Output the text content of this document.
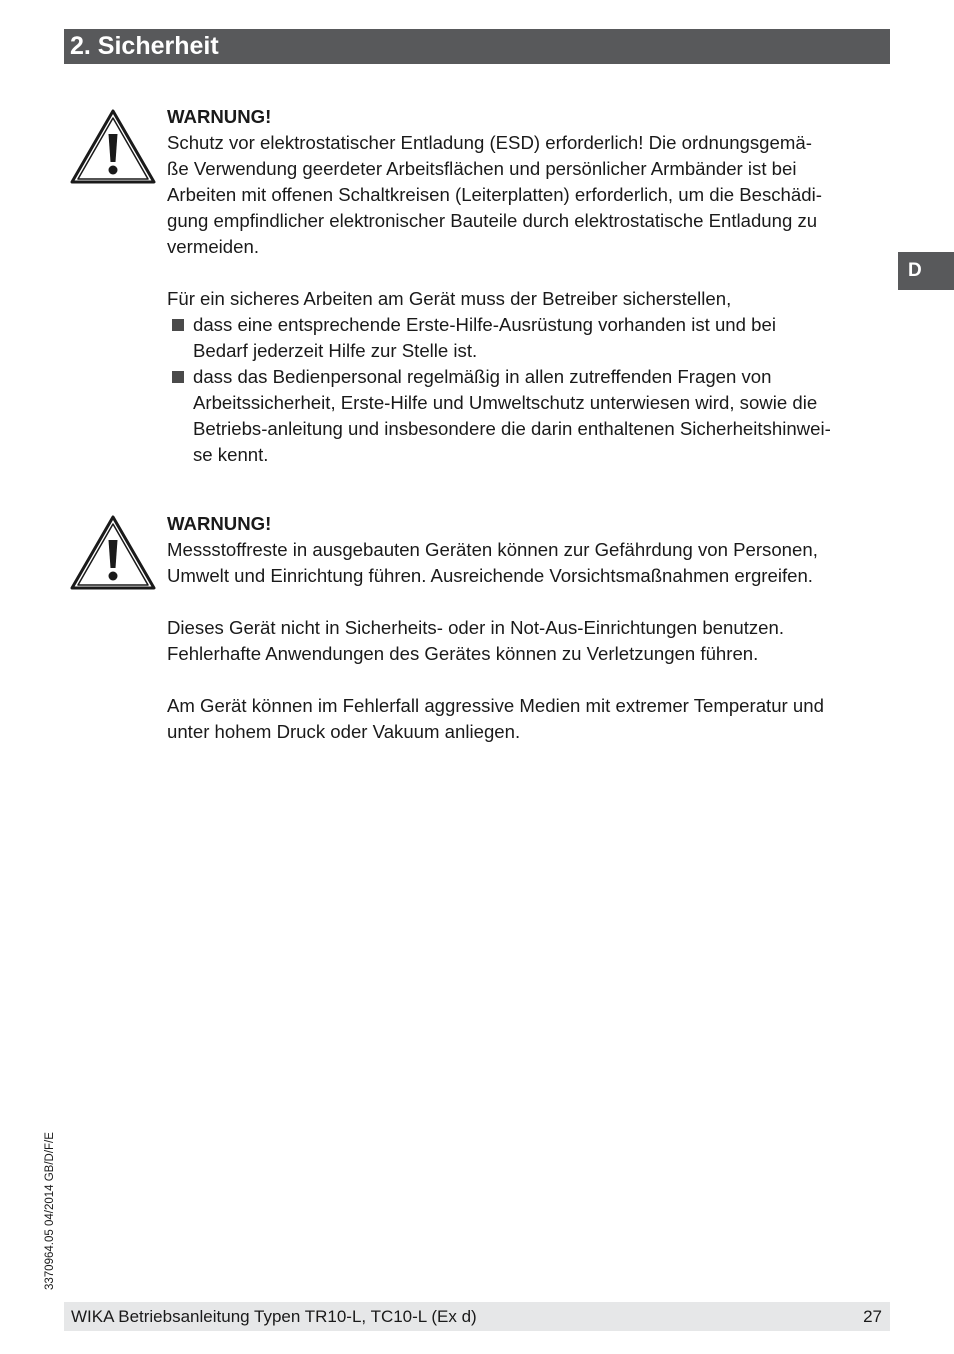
2. Sicherheit
D

WARNUNG!

Schutz vor elektrostatischer Entladung (ESD) erforderlich! Die ordnungsgemä-

ße Verwendung geerdeter Arbeitsflächen und persönlicher Armbänder ist bei

Arbeiten mit offenen Schaltkreisen (Leiterplatten) erforderlich, um die Beschädi-

gung empfindlicher elektronischer Bauteile durch elektrostatische Entladung zu

vermeiden.

Für ein sicheres Arbeiten am Gerät muss der Betreiber sicherstellen,

dass eine entsprechende Erste-Hilfe-Ausrüstung vorhanden ist und bei

Bedarf jederzeit Hilfe zur Stelle ist.

dass das Bedienpersonal regelmäßig in allen zutreffenden Fragen von

Arbeitssicherheit, Erste-Hilfe und Umweltschutz unterwiesen wird, sowie die

Betriebs-anleitung und insbesondere die darin enthaltenen Sicherheitshinwei-

se kennt.

WARNUNG!

Messstoffreste in ausgebauten Geräten können zur Gefährdung von Personen,

Umwelt und Einrichtung führen. Ausreichende Vorsichtsmaßnahmen ergreifen.

Dieses Gerät nicht in Sicherheits- oder in Not-Aus-Einrichtungen benutzen.

Fehlerhafte Anwendungen des Gerätes können zu Verletzungen führen.

Am Gerät können im Fehlerfall aggressive Medien mit extremer Temperatur und

unter hohem Druck oder Vakuum anliegen.

3370964.05 04/2014 GB/D/F/E
WIKA Betriebsanleitung Typen TR10-L, TC10-L (Ex d)	27
